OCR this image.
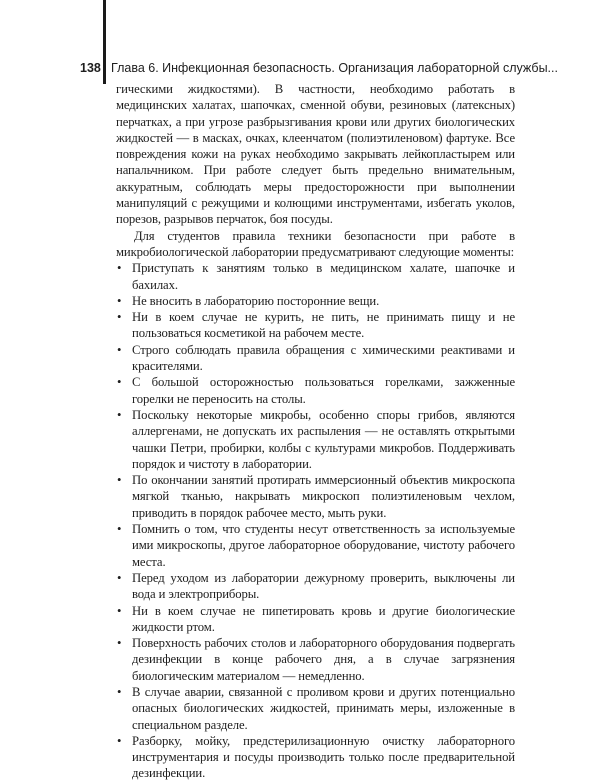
138 Глава 6. Инфекционная безопасность. Организация лабораторной службы...

гическими жидкостями). В частности, необходимо работать в медицинских халатах, шапочках, сменной обуви, резиновых (латексных) перчатках, а при угрозе разбрызгивания крови или других биологических жидкостей — в масках, очках, клеенчатом (полиэтиленовом) фартуке. Все повреждения кожи на руках необходимо закрывать лейкопластырем или напальчником. При работе следует быть предельно внимательным, аккуратным, соблюдать меры предосторожности при выполнении манипуляций с режущими и колющими инструментами, избегать уколов, порезов, разрывов перчаток, боя посуды.

Для студентов правила техники безопасности при работе в микробиологической лаборатории предусматривают следующие моменты:

• Приступать к занятиям только в медицинском халате, шапочке и бахилах.
• Не вносить в лабораторию посторонние вещи.
• Ни в коем случае не курить, не пить, не принимать пищу и не пользоваться косметикой на рабочем месте.
• Строго соблюдать правила обращения с химическими реактивами и красителями.
• С большой осторожностью пользоваться горелками, зажженные горелки не переносить на столы.
• Поскольку некоторые микробы, особенно споры грибов, являются аллергенами, не допускать их распыления — не оставлять открытыми чашки Петри, пробирки, колбы с культурами микробов. Поддерживать порядок и чистоту в лаборатории.
• По окончании занятий протирать иммерсионный объектив микроскопа мягкой тканью, накрывать микроскоп полиэтиленовым чехлом, приводить в порядок рабочее место, мыть руки.
• Помнить о том, что студенты несут ответственность за используемые ими микроскопы, другое лабораторное оборудование, чистоту рабочего места.
• Перед уходом из лаборатории дежурному проверить, выключены ли вода и электроприборы.
• Ни в коем случае не пипетировать кровь и другие биологические жидкости ртом.
• Поверхность рабочих столов и лабораторного оборудования подвергать дезинфекции в конце рабочего дня, а в случае загрязнения биологическим материалом — немедленно.
• В случае аварии, связанной с проливом крови и других потенциально опасных биологических жидкостей, принимать меры, изложенные в специальном разделе.
• Разборку, мойку, предстерилизационную очистку лабораторного инструментария и посуды производить только после предварительной дезинфекции.
